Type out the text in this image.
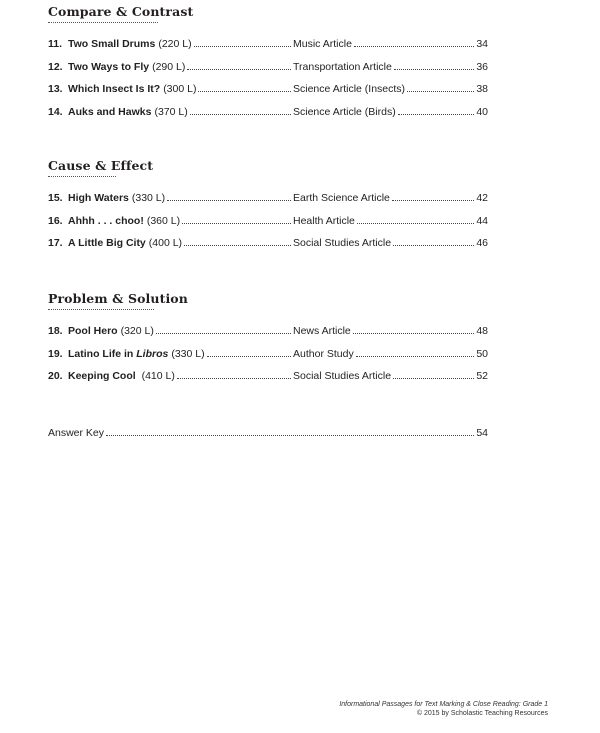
Compare & Contrast
11. Two Small Drums (220 L)	Music Article	34
12. Two Ways to Fly (290 L)	Transportation Article	36
13. Which Insect Is It? (300 L)	Science Article (Insects)	38
14. Auks and Hawks (370 L)	Science Article (Birds)	40
Cause & Effect
15. High Waters (330 L)	Earth Science Article	42
16. Ahhh . . . choo! (360 L)	Health Article	44
17. A Little Big City (400 L)	Social Studies Article	46
Problem & Solution
18. Pool Hero (320 L)	News Article	48
19. Latino Life in Libros (330 L)	Author Study	50
20. Keeping Cool (410 L)	Social Studies Article	52
Answer Key	54
Informational Passages for Text Marking & Close Reading: Grade 1
© 2015 by Scholastic Teaching Resources
